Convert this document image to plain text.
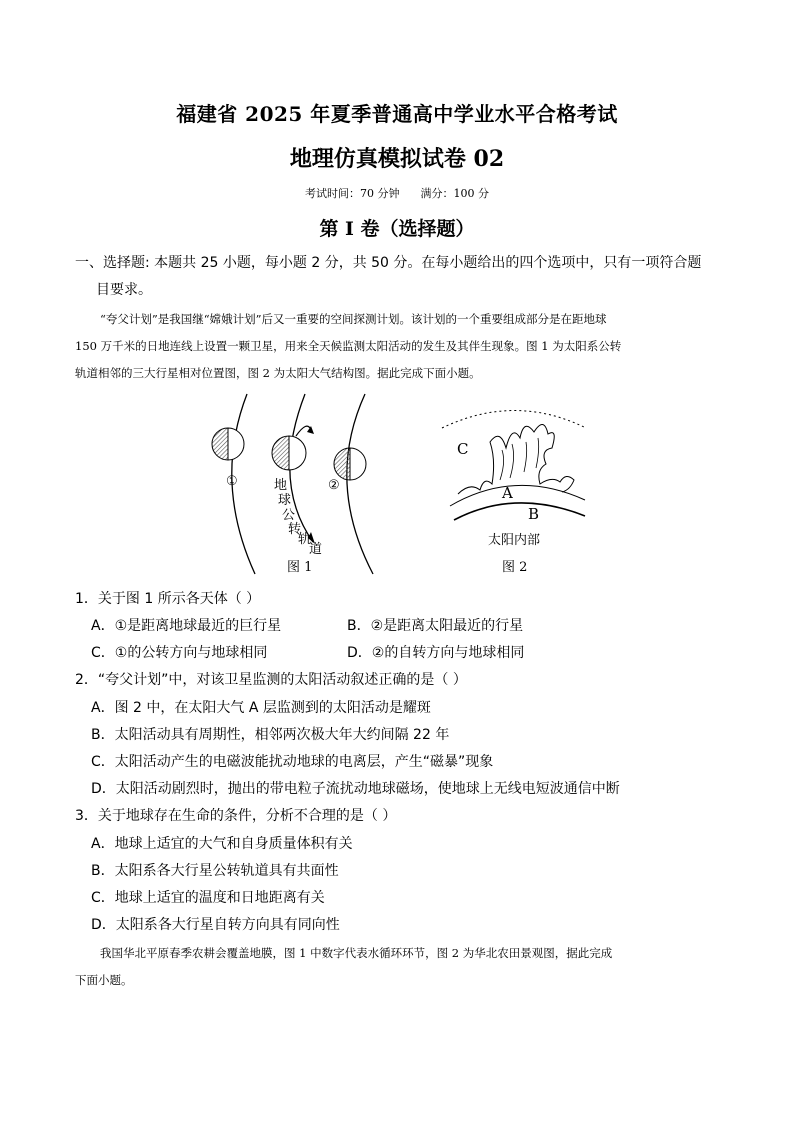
福建省 2025 年夏季普通高中学业水平合格考试
地理仿真模拟试卷 02
考试时间：70 分钟      满分：100 分
第 I 卷（选择题）
一、选择题: 本题共 25 小题，每小题 2 分，共 50 分。在每小题给出的四个选项中，只有一项符合题
目要求。
“夸父计划”是我国继“嫦娥计划”后又一重要的空间探测计划。该计划的一个重要组成部分是在距地球
150 万千米的日地连线上设置一颗卫星，用来全天候监测太阳活动的发生及其伴生现象。图 1 为太阳系公转
轨道相邻的三大行星相对位置图，图 2 为太阳大气结构图。据此完成下面小题。
①	②
地
球
公
转
轨
道
图 1
C
A
B
太阳内部
图 2
1．关于图 1 所示各天体（ ）
A．①是距离地球最近的巨行星	B．②是距离太阳最近的行星
C．①的公转方向与地球相同	D．②的自转方向与地球相同
2．“夸父计划”中，对该卫星监测的太阳活动叙述正确的是（ ）
A．图 2 中，在太阳大气 A 层监测到的太阳活动是耀斑
B．太阳活动具有周期性，相邻两次极大年大约间隔 22 年
C．太阳活动产生的电磁波能扰动地球的电离层，产生“磁暴”现象
D．太阳活动剧烈时，抛出的带电粒子流扰动地球磁场，使地球上无线电短波通信中断
3．关于地球存在生命的条件，分析不合理的是（ ）
A．地球上适宜的大气和自身质量体积有关
B．太阳系各大行星公转轨道具有共面性
C．地球上适宜的温度和日地距离有关
D．太阳系各大行星自转方向具有同向性
我国华北平原春季农耕会覆盖地膜，图 1 中数字代表水循环环节，图 2 为华北农田景观图，据此完成
下面小题。
